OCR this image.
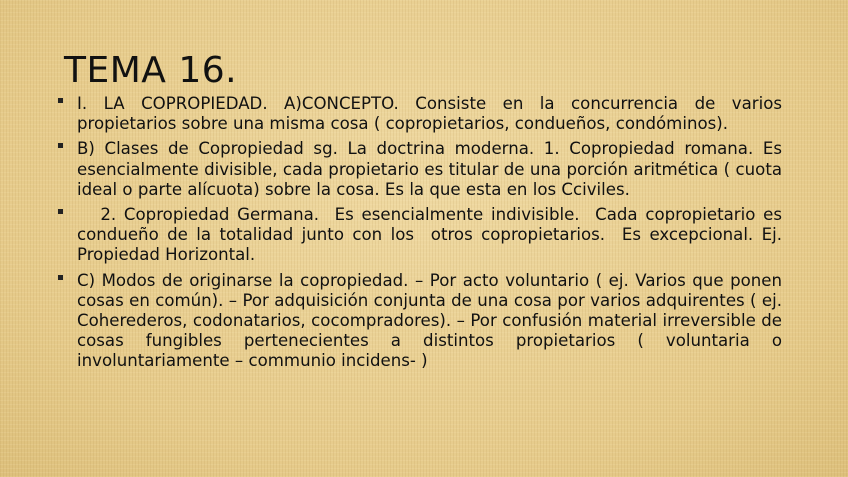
TEMA 16.
I. LA COPROPIEDAD. A)CONCEPTO. Consiste en la concurrencia de varios propietarios sobre una misma cosa ( copropietarios, condueños, condóminos).
B) Clases de Copropiedad sg. La doctrina moderna. 1. Copropiedad romana. Es esencialmente divisible, cada propietario es titular de una porción aritmética ( cuota ideal o parte alícuota) sobre la cosa. Es la que esta en los Cciviles.
2. Copropiedad Germana.  Es esencialmente indivisible.  Cada copropietario es condueño de la totalidad junto con los  otros copropietarios.  Es excepcional. Ej. Propiedad Horizontal.
C) Modos de originarse la copropiedad. – Por acto voluntario ( ej. Varios que ponen cosas en común). – Por adquisición conjunta de una cosa por varios adquirentes ( ej. Coherederos, codonatarios, cocompradores). – Por confusión material irreversible de cosas fungibles pertenecientes a distintos propietarios ( voluntaria o involuntariamente – communio incidens- )
